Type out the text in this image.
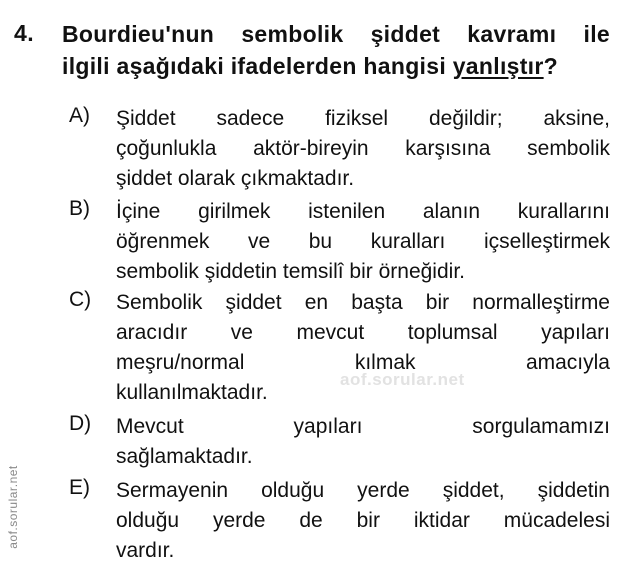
4. Bourdieu'nun sembolik şiddet kavramı ile
ilgili aşağıdaki ifadelerden hangisi yanlıştır?
A) Şiddet sadece fiziksel değildir; aksine,
çoğunlukla aktör-bireyin karşısına sembolik
şiddet olarak çıkmaktadır.
B) İçine girilmek istenilen alanın kurallarını
öğrenmek ve bu kuralları içselleştirmek
sembolik şiddetin temsilî bir örneğidir.
C) Sembolik şiddet en başta bir normalleştirme
aracıdır ve mevcut toplumsal yapıları
meşru/normal kılmak amacıyla
kullanılmaktadır.
D) Mevcut yapıları sorgulamamızı
sağlamaktadır.
E) Sermayenin olduğu yerde şiddet, şiddetin
olduğu yerde de bir iktidar mücadelesi
vardır.
aof.sorular.net
aof.sorular.net
